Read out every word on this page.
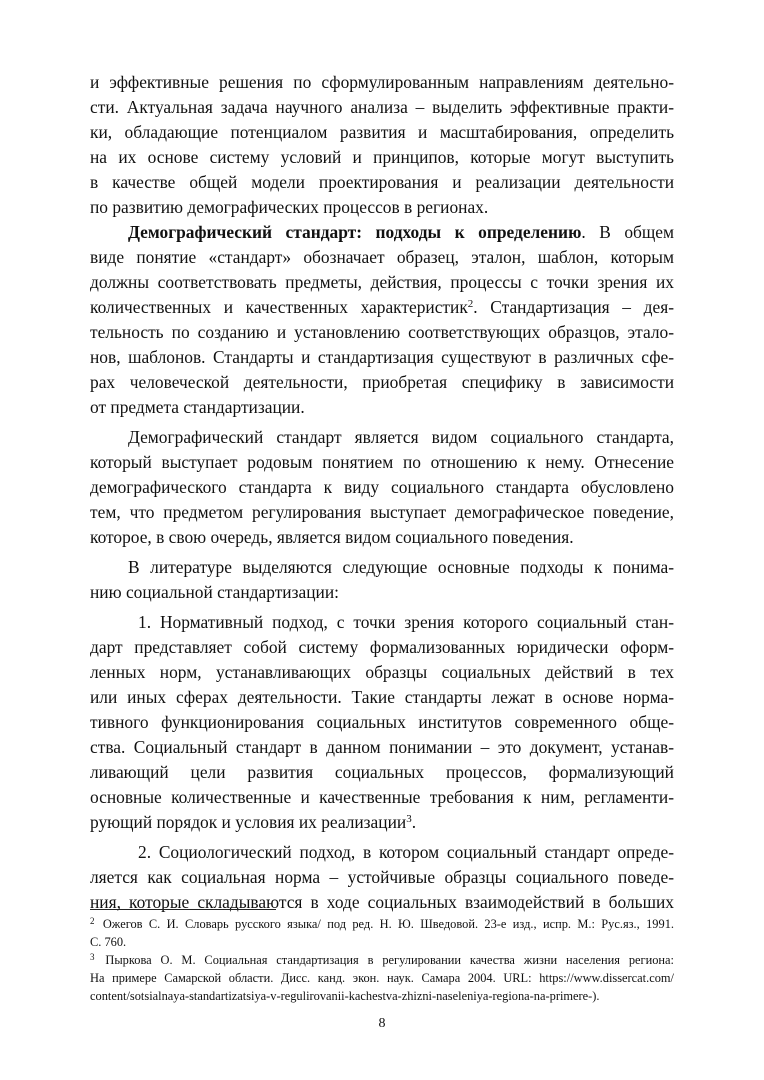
и эффективные решения по сформулированным направлениям деятельно-
сти. Актуальная задача научного анализа – выделить эффективные практи-
ки, обладающие потенциалом развития и масштабирования, определить
на их основе систему условий и принципов, которые могут выступить
в качестве общей модели проектирования и реализации деятельности
по развитию демографических процессов в регионах.
Демографический стандарт: подходы к определению. В общем
виде понятие «стандарт» обозначает образец, эталон, шаблон, которым
должны соответствовать предметы, действия, процессы с точки зрения их
количественных и качественных характеристик$^2$. Стандартизация – дея-
тельность по созданию и установлению соответствующих образцов, этало-
нов, шаблонов. Стандарты и стандартизация существуют в различных сфе-
рах человеческой деятельности, приобретая специфику в зависимости
от предмета стандартизации.
Демографический стандарт является видом социального стандарта,
который выступает родовым понятием по отношению к нему. Отнесение
демографического стандарта к виду социального стандарта обусловлено
тем, что предметом регулирования выступает демографическое поведение,
которое, в свою очередь, является видом социального поведения.
В литературе выделяются следующие основные подходы к понима-
нию социальной стандартизации:
1. Нормативный подход, с точки зрения которого социальный стан-
дарт представляет собой систему формализованных юридически оформ-
ленных норм, устанавливающих образцы социальных действий в тех
или иных сферах деятельности. Такие стандарты лежат в основе норма-
тивного функционирования социальных институтов современного обще-
ства. Социальный стандарт в данном понимании – это документ, устанав-
ливающий цели развития социальных процессов, формализующий
основные количественные и качественные требования к ним, регламенти-
рующий порядок и условия их реализации$^3$.
2. Социологический подход, в котором социальный стандарт опреде-
ляется как социальная норма – устойчивые образцы социального поведе-
ния, которые складываются в ходе социальных взаимодействий в больших
$^2$ Ожегов С. И. Словарь русского языка/ под ред. Н. Ю. Шведовой. 23-е изд., испр. М.: Рус.яз., 1991.
С. 760.
$^3$ Пыркова О. М. Социальная стандартизация в регулировании качества жизни населения региона:
На примере Самарской области. Дисс. канд. экон. наук. Самара 2004. URL: https://www.dissercat.com/
content/sotsialnaya-standartizatsiya-v-regulirovanii-kachestva-zhizni-naseleniya-regiona-na-primere-).
8
